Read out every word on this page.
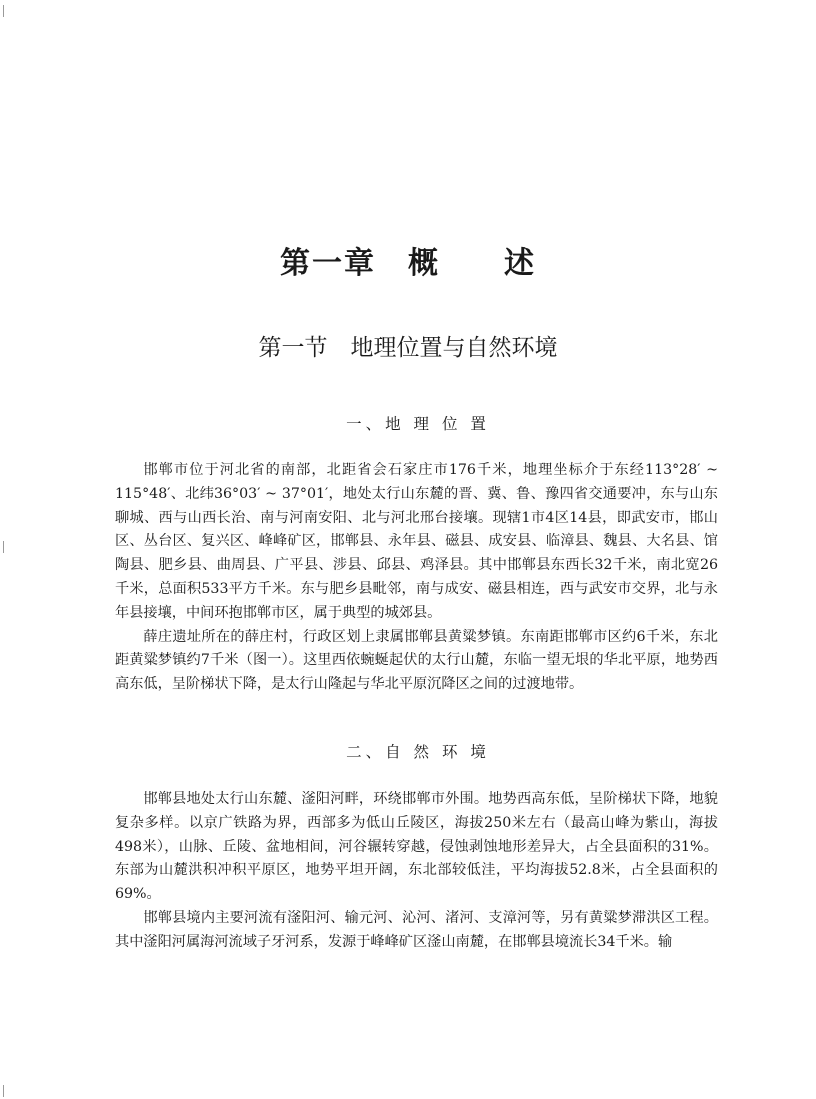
第一章　概　　述
第一节　地理位置与自然环境
一、地 理 位 置

邯郸市位于河北省的南部，北距省会石家庄市176千米，地理坐标介于东经113°28′ ~ 115°48′、北纬36°03′ ~ 37°01′，地处太行山东麓的晋、冀、鲁、豫四省交通要冲，东与山东聊城、西与山西长治、南与河南安阳、北与河北邢台接壤。现辖1市4区14县，即武安市，邯山区、丛台区、复兴区、峰峰矿区，邯郸县、永年县、磁县、成安县、临漳县、魏县、大名县、馆陶县、肥乡县、曲周县、广平县、涉县、邱县、鸡泽县。其中邯郸县东西长32千米，南北宽26千米，总面积533平方千米。东与肥乡县毗邻，南与成安、磁县相连，西与武安市交界，北与永年县接壤，中间环抱邯郸市区，属于典型的城郊县。

薛庄遗址所在的薛庄村，行政区划上隶属邯郸县黄粱梦镇。东南距邯郸市区约6千米，东北距黄粱梦镇约7千米（图一）。这里西依蜿蜒起伏的太行山麓，东临一望无垠的华北平原，地势西高东低，呈阶梯状下降，是太行山隆起与华北平原沉降区之间的过渡地带。

二、自 然 环 境

邯郸县地处太行山东麓、滏阳河畔，环绕邯郸市外围。地势西高东低，呈阶梯状下降，地貌复杂多样。以京广铁路为界，西部多为低山丘陵区，海拔250米左右（最高山峰为紫山，海拔498米），山脉、丘陵、盆地相间，河谷辗转穿越，侵蚀剥蚀地形差异大，占全县面积的31%。东部为山麓洪积冲积平原区，地势平坦开阔，东北部较低洼，平均海拔52.8米，占全县面积的69%。

邯郸县境内主要河流有滏阳河、输元河、沁河、渚河、支漳河等，另有黄粱梦滞洪区工程。其中滏阳河属海河流域子牙河系，发源于峰峰矿区滏山南麓，在邯郸县境流长34千米。输
